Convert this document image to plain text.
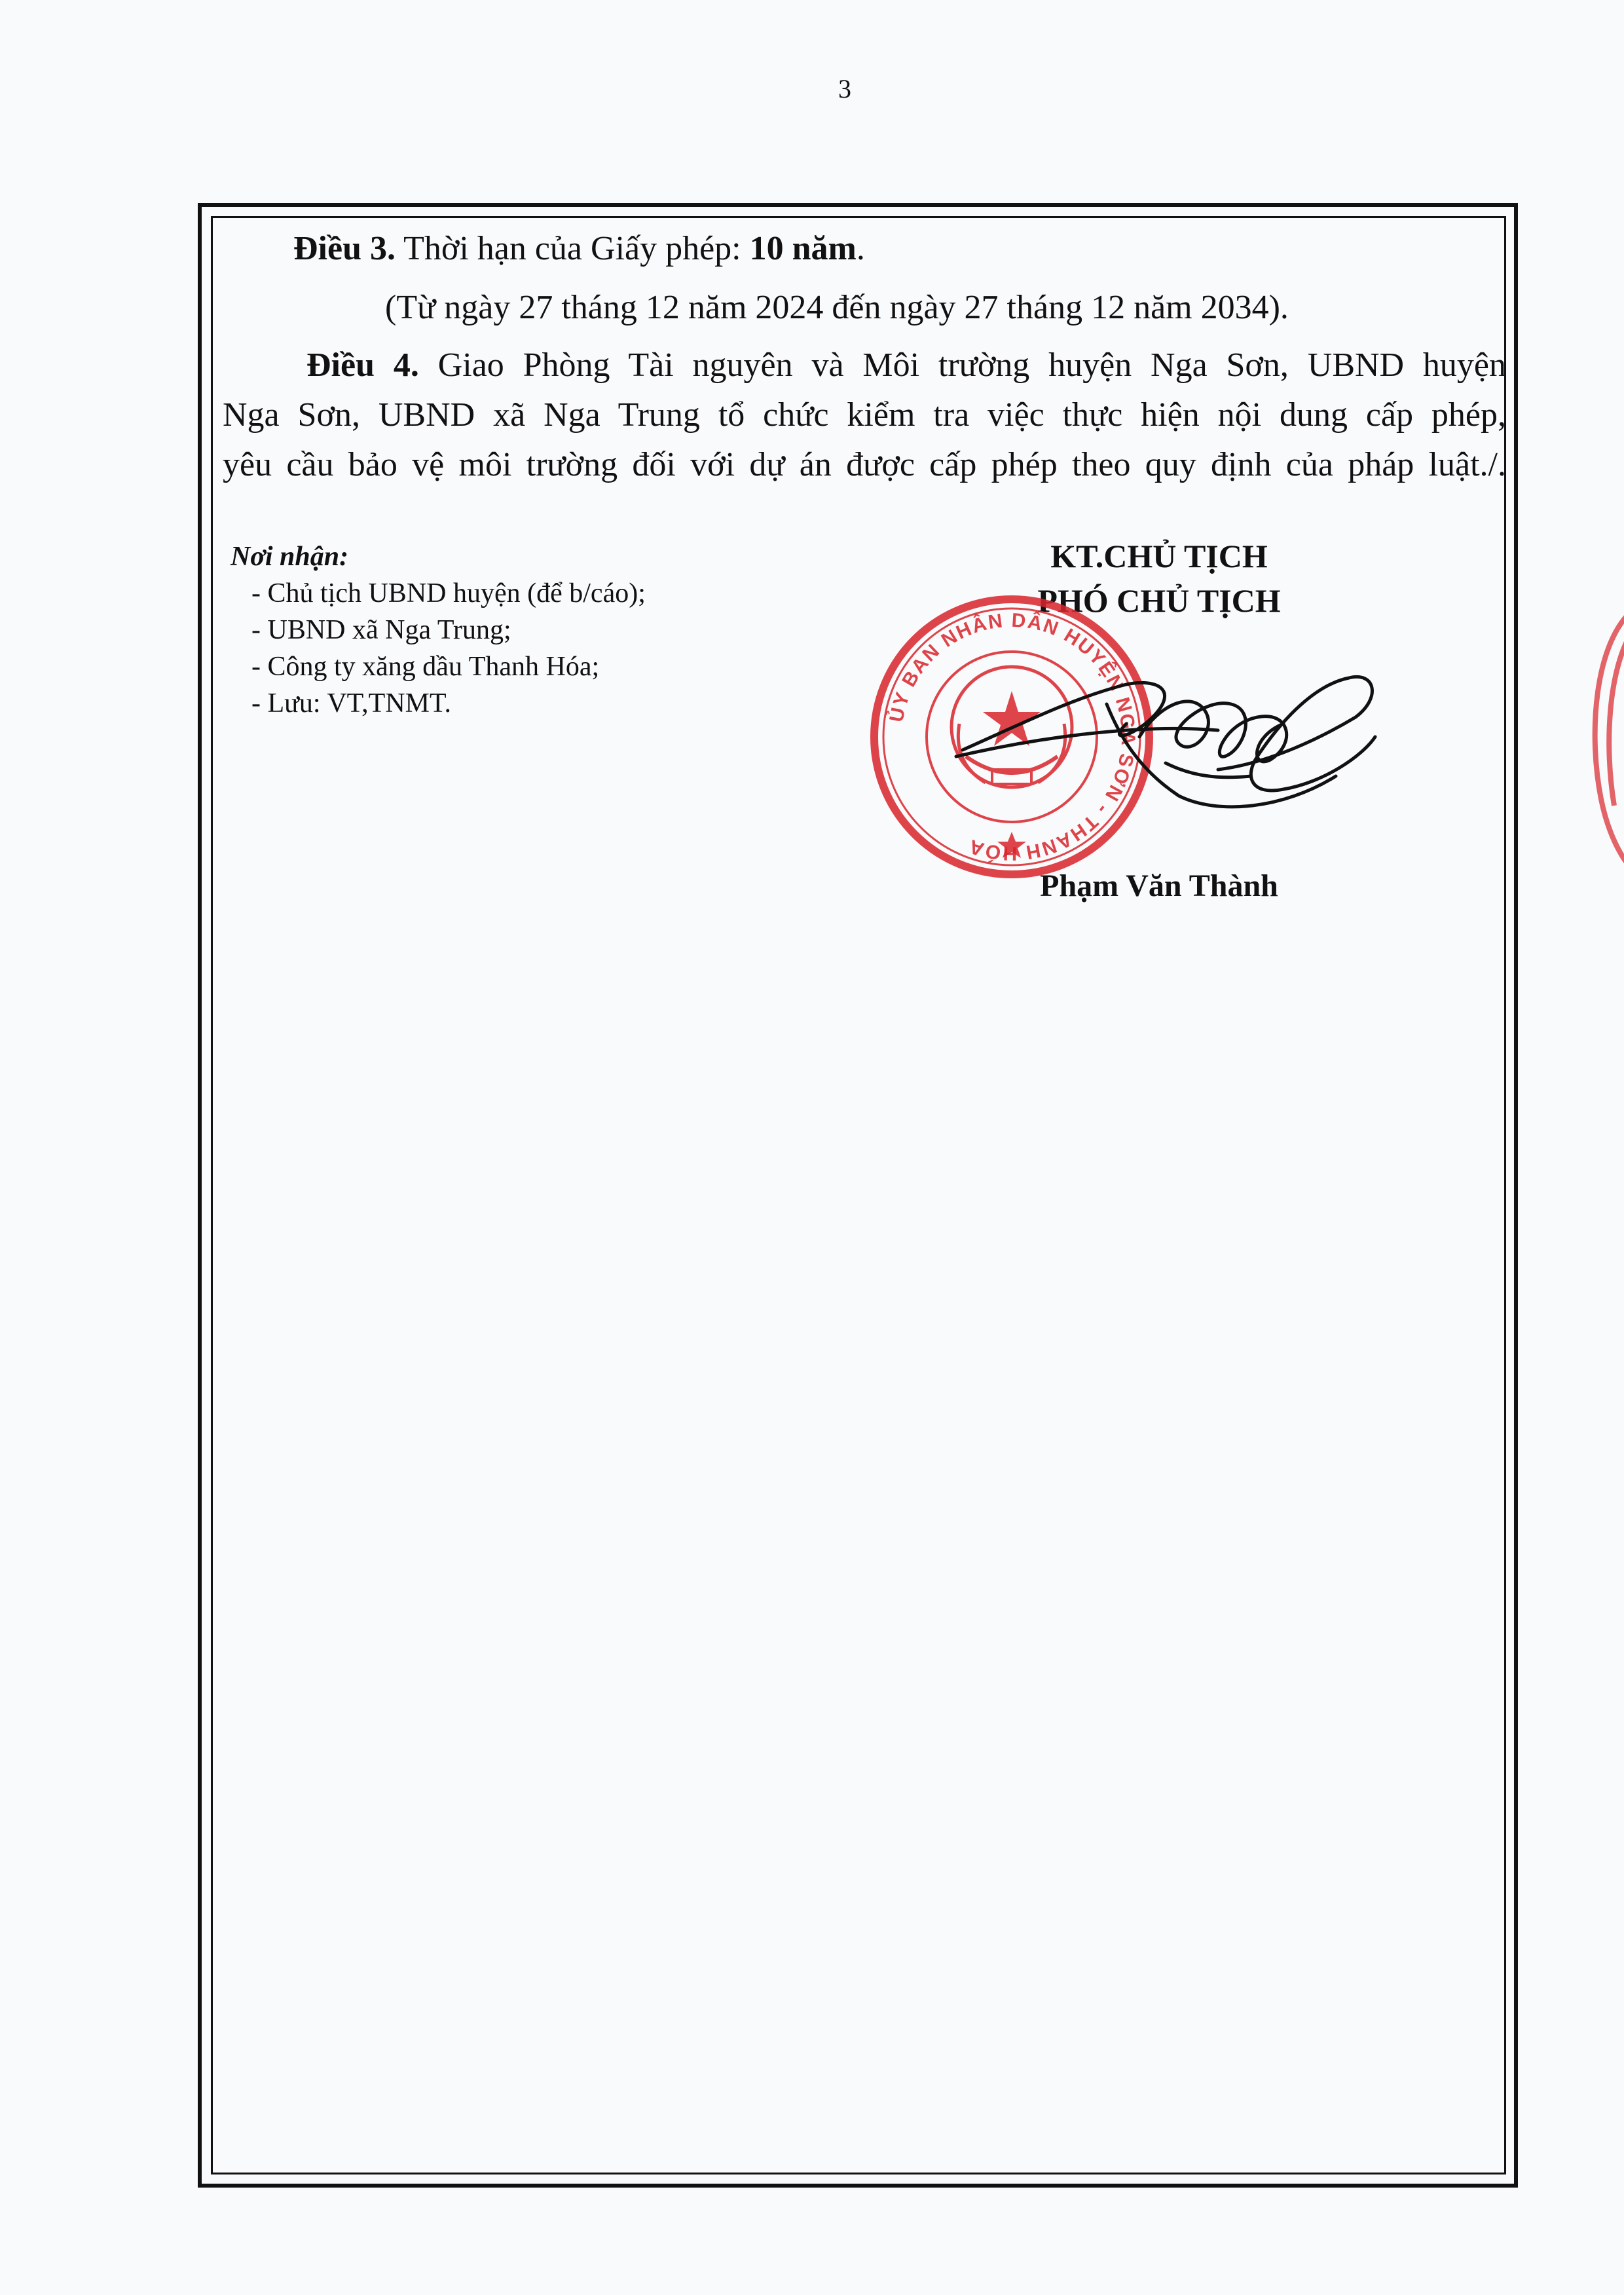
3
Điều 3. Thời hạn của Giấy phép: 10 năm.
(Từ ngày 27 tháng 12 năm 2024 đến ngày 27 tháng 12 năm 2034).
Điều 4. Giao Phòng Tài nguyên và Môi trường huyện Nga Sơn, UBND huyện
Nga Sơn, UBND xã Nga Trung tổ chức kiểm tra việc thực hiện nội dung cấp phép,
yêu cầu bảo vệ môi trường đối với dự án được cấp phép theo quy định của pháp luật./.
Nơi nhận:
- Chủ tịch UBND huyện (để b/cáo);
- UBND xã Nga Trung;
- Công ty xăng dầu Thanh Hóa;
- Lưu: VT,TNMT.
KT.CHỦ TỊCH
PHÓ CHỦ TỊCH
ỦY BAN NHÂN DÂN HUYỆN NGA SƠN - THANH HÓA
Phạm Văn Thành
